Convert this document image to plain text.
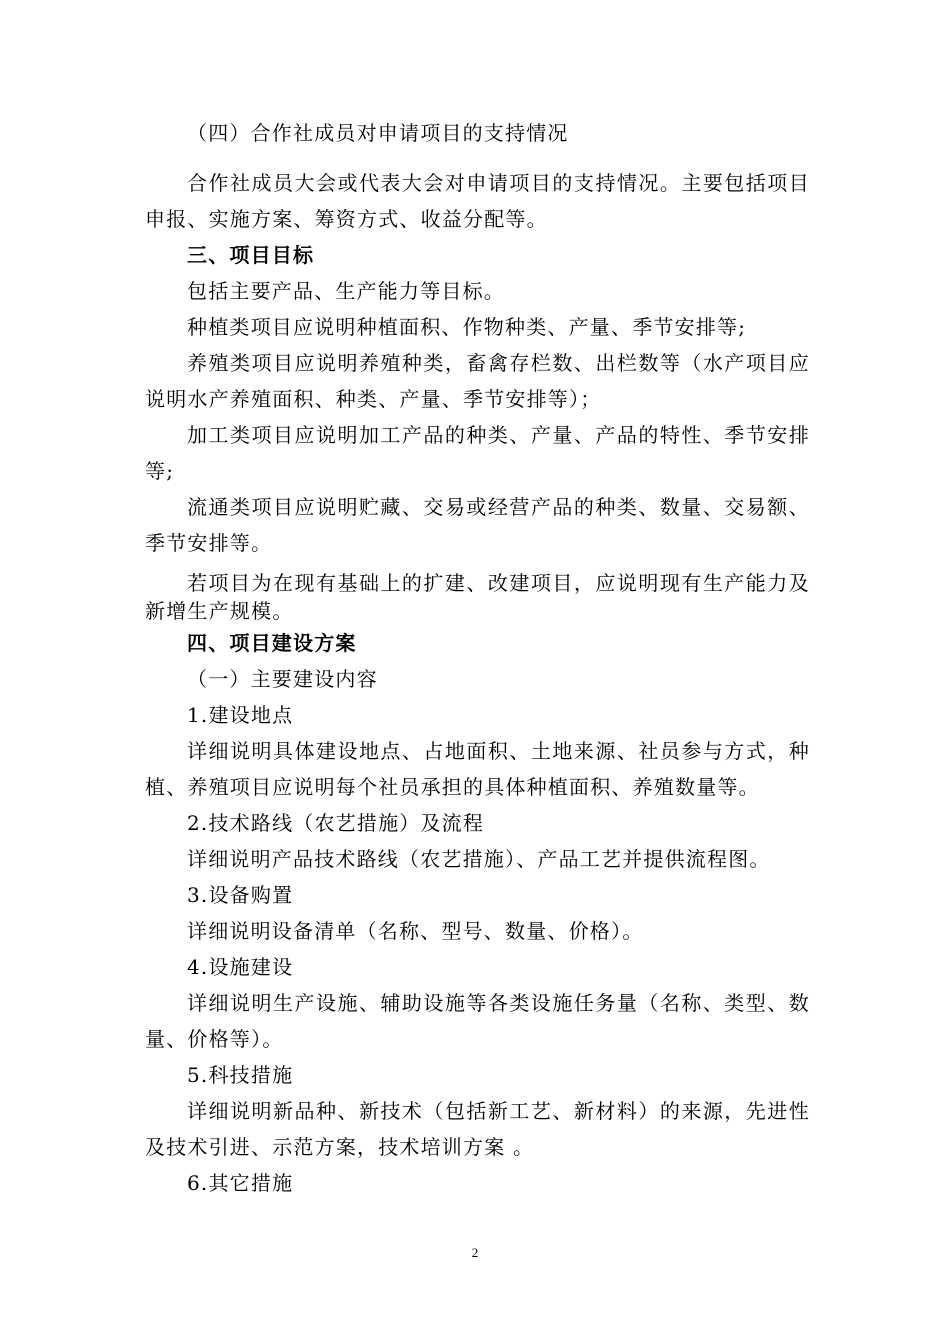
（四）合作社成员对申请项目的支持情况

合作社成员大会或代表大会对申请项目的支持情况。主要包括项目申报、实施方案、筹资方式、收益分配等。

三、项目目标

包括主要产品、生产能力等目标。

种植类项目应说明种植面积、作物种类、产量、季节安排等;

养殖类项目应说明养殖种类，畜禽存栏数、出栏数等（水产项目应说明水产养殖面积、种类、产量、季节安排等）；

加工类项目应说明加工产品的种类、产量、产品的特性、季节安排等;

流通类项目应说明贮藏、交易或经营产品的种类、数量、交易额、季节安排等。

若项目为在现有基础上的扩建、改建项目，应说明现有生产能力及新增生产规模。

四、项目建设方案

（一）主要建设内容

1.建设地点

详细说明具体建设地点、占地面积、土地来源、社员参与方式，种植、养殖项目应说明每个社员承担的具体种植面积、养殖数量等。

2.技术路线（农艺措施）及流程

详细说明产品技术路线（农艺措施）、产品工艺并提供流程图。

3.设备购置

详细说明设备清单（名称、型号、数量、价格）。

4.设施建设

详细说明生产设施、辅助设施等各类设施任务量（名称、类型、数量、价格等）。

5.科技措施

详细说明新品种、新技术（包括新工艺、新材料）的来源，先进性及技术引进、示范方案，技术培训方案 。

6.其它措施

2
